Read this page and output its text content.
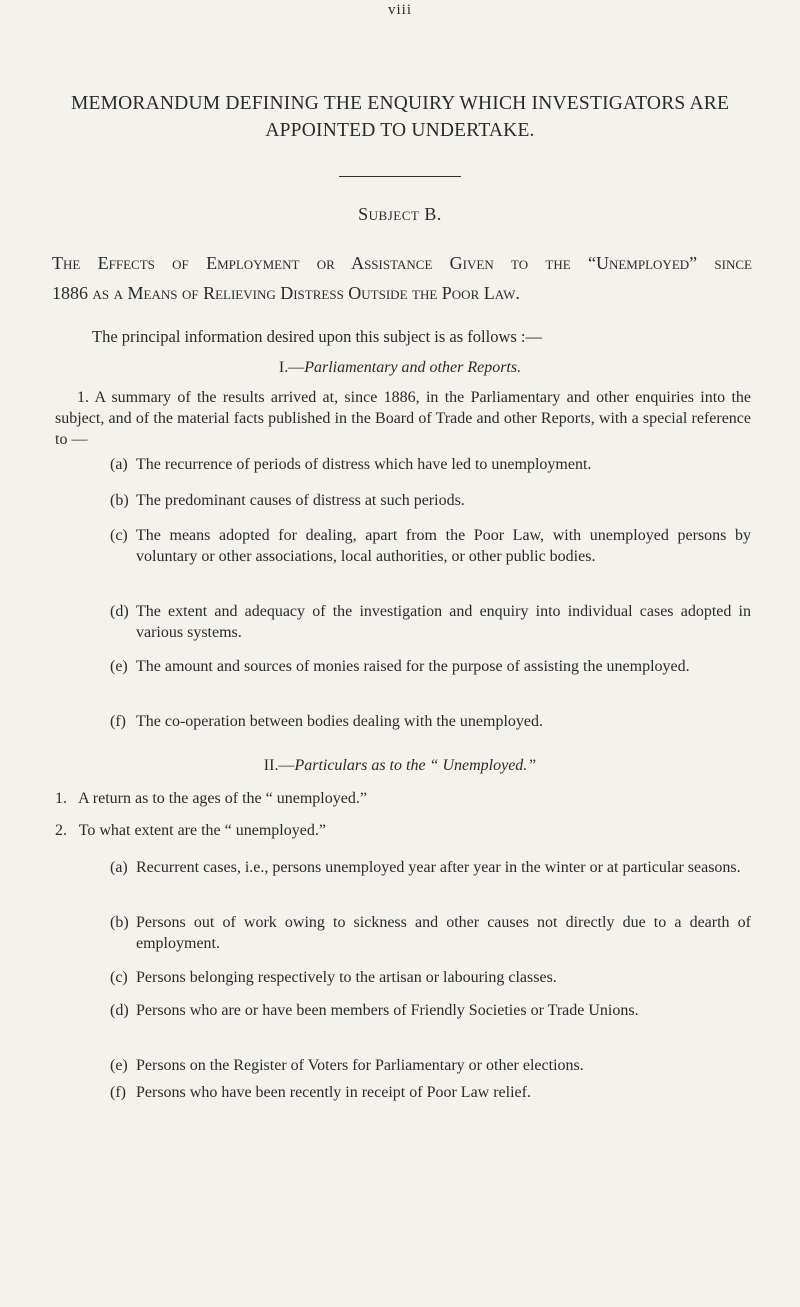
viii
MEMORANDUM DEFINING THE ENQUIRY WHICH INVESTIGATORS ARE
APPOINTED TO UNDERTAKE.
Subject B.
The Effects of Employment or Assistance Given to the “Unemployed” since
1886 as a Means of Relieving Distress Outside the Poor Law.
The principal information desired upon this subject is as follows :—
I.—Parliamentary and other Reports.
1. A summary of the results arrived at, since 1886, in the Parliamentary and other enquiries into the subject, and of the material facts published in the Board of Trade and other Reports, with a special reference to —
(a) The recurrence of periods of distress which have led to unemployment.
(b) The predominant causes of distress at such periods.
(c) The means adopted for dealing, apart from the Poor Law, with unemployed persons by voluntary or other associations, local authorities, or other public bodies.
(d) The extent and adequacy of the investigation and enquiry into individual cases adopted in various systems.
(e) The amount and sources of monies raised for the purpose of assisting the unemployed.
(f) The co-operation between bodies dealing with the unemployed.
II.—Particulars as to the “ Unemployed.”
1. A return as to the ages of the “ unemployed.”
2. To what extent are the “ unemployed.”
(a) Recurrent cases, i.e., persons unemployed year after year in the winter or at particular seasons.
(b) Persons out of work owing to sickness and other causes not directly due to a dearth of employment.
(c) Persons belonging respectively to the artisan or labouring classes.
(d) Persons who are or have been members of Friendly Societies or Trade Unions.
(e) Persons on the Register of Voters for Parliamentary or other elections.
(f) Persons who have been recently in receipt of Poor Law relief.
